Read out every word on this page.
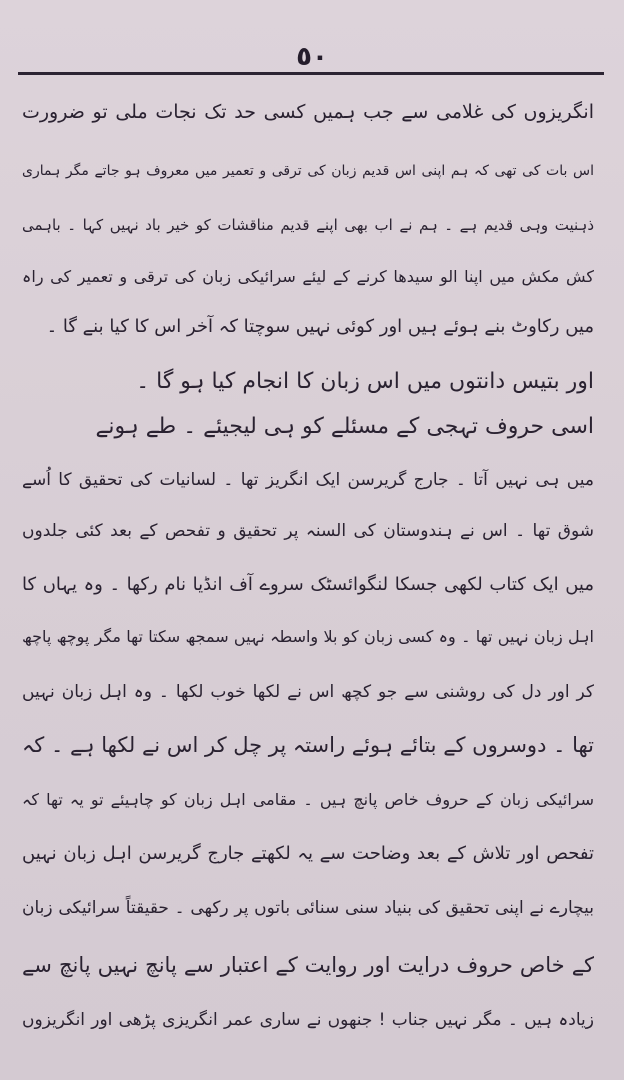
٥٠
انگریزوں کی غلامی سے جب ہمیں کسی حد تک نجات ملی تو ضرورت
اس بات کی تھی کہ ہم اپنی اس قدیم زبان کی ترقی و تعمیر میں معروف ہو جاتے مگر ہماری
ذہنیت وہی قدیم ہے ۔ ہم نے اب بھی اپنے قدیم مناقشات کو خیر باد نہیں کہا ۔ باہمی
کش مکش میں اپنا الو سیدھا کرنے کے لیئے سرائیکی زبان کی ترقی و تعمیر کی راہ
میں رکاوٹ بنے ہوئے ہیں اور کوئی نہیں سوچتا کہ آخر اس کا کیا بنے گا ۔
اور بتیس دانتوں میں اس زبان کا انجام کیا ہو گا ۔
اسی حروف تہجی کے مسئلے کو ہی لیجیئے ۔ طے ہونے
میں ہی نہیں آتا ۔ جارج گریرسن ایک انگریز تھا ۔ لسانیات کی تحقیق کا اُسے
شوق تھا ۔ اس نے ہندوستان کی السنہ پر تحقیق و تفحص کے بعد کئی جلدوں
میں ایک کتاب لکھی جسکا لنگوائسٹک سروے آف انڈیا نام رکھا ۔ وہ یہاں کا
اہل زبان نہیں تھا ۔ وہ کسی زبان کو بلا واسطہ نہیں سمجھ سکتا تھا مگر پوچھ پاچھ
کر اور دل کی روشنی سے جو کچھ اس نے لکھا خوب لکھا ۔ وہ اہل زبان نہیں
تھا ۔ دوسروں کے بتائے ہوئے راستہ پر چل کر اس نے لکھا ہے ۔ کہ
سرائیکی زبان کے حروف خاص پانچ ہیں ۔ مقامی اہل زبان کو چاہیئے تو یہ تھا کہ
تفحص اور تلاش کے بعد وضاحت سے یہ لکھتے جارج گریرسن اہل زبان نہیں
بیچارے نے اپنی تحقیق کی بنیاد سنی سنائی باتوں پر رکھی ۔ حقیقتاً سرائیکی زبان
کے خاص حروف درایت اور روایت کے اعتبار سے پانچ نہیں پانچ سے
زیادہ ہیں ۔ مگر نہیں جناب ! جنھوں نے ساری عمر انگریزی پڑھی اور انگریزوں
